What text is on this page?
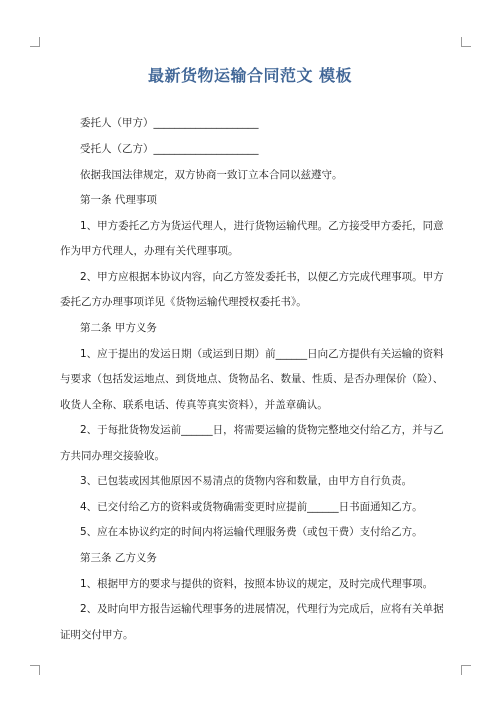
最新货物运输合同范文 模板
委托人（甲方）____________________
受托人（乙方）____________________
依据我国法律规定，双方协商一致订立本合同以兹遵守。
第一条 代理事项
1、甲方委托乙方为货运代理人，进行货物运输代理。乙方接受甲方委托，同意
作为甲方代理人，办理有关代理事项。
2、甲方应根据本协议内容，向乙方签发委托书，以便乙方完成代理事项。甲方
委托乙方办理事项详见《货物运输代理授权委托书》。
第二条 甲方义务
1、应于提出的发运日期（或运到日期）前______日向乙方提供有关运输的资料
与要求（包括发运地点、到货地点、货物品名、数量、性质、是否办理保价（险）、
收货人全称、联系电话、传真等真实资料），并盖章确认。
2、于每批货物发运前______日，将需要运输的货物完整地交付给乙方，并与乙
方共同办理交接验收。
3、已包装或因其他原因不易清点的货物内容和数量，由甲方自行负责。
4、已交付给乙方的资料或货物确需变更时应提前______日书面通知乙方。
5、应在本协议约定的时间内将运输代理服务费（或包干费）支付给乙方。
第三条 乙方义务
1、根据甲方的要求与提供的资料，按照本协议的规定，及时完成代理事项。
2、及时向甲方报告运输代理事务的进展情况，代理行为完成后，应将有关单据
证明交付甲方。
